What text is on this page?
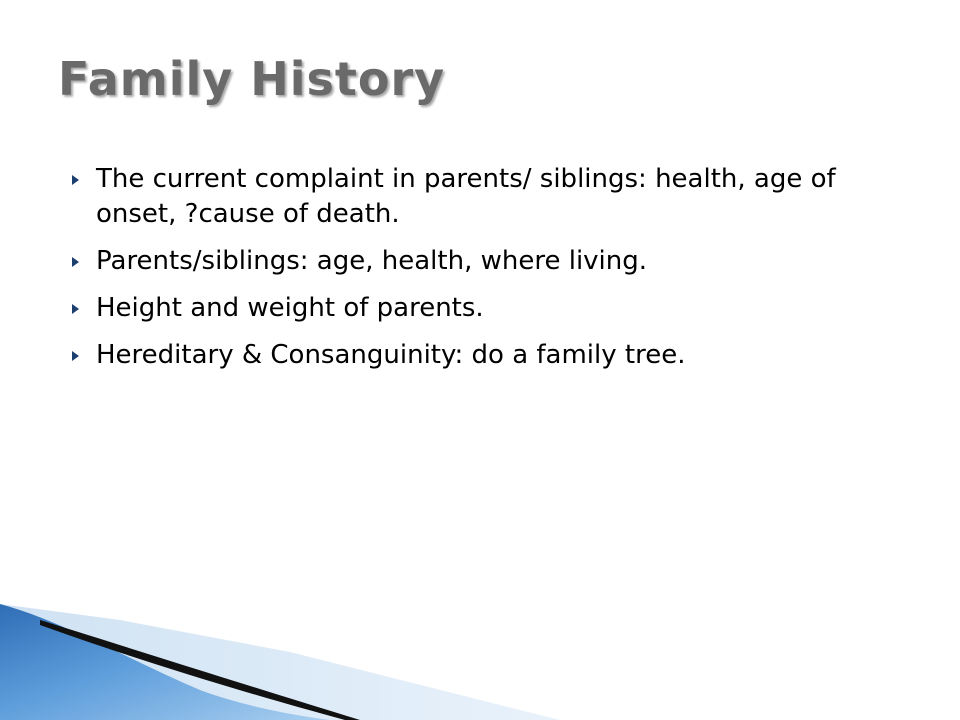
Family History
The current complaint in parents/ siblings: health, age of onset, ?cause of death.
Parents/siblings: age, health, where living.
Height and weight of parents.
Hereditary & Consanguinity: do a family tree.
